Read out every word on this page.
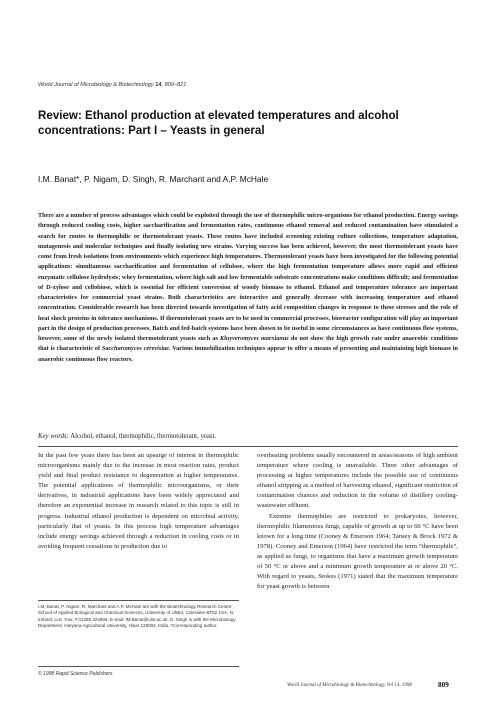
World Journal of Microbiology & Biotechnology 14, 809–821
Review: Ethanol production at elevated temperatures and alcohol concentrations: Part I – Yeasts in general
I.M. Banat*, P. Nigam, D. Singh, R. Marchant and A.P. McHale

There are a number of process advantages which could be exploited through the use of thermophilic micro-organisms for ethanol production. Energy savings through reduced cooling costs, higher saccharification and fermentation rates, continuous ethanol removal and reduced contamination have stimulated a search for routes to thermophilic or thermotolerant yeasts. These routes have included screening existing culture collections, temperature adaptation, mutagenesis and molecular techniques and finally isolating new strains. Varying success has been achieved, however, the most thermotolerant yeasts have come from fresh isolations from environments which experience high temperatures. Thermotolerant yeasts have been investigated for the following potential applications: simultaneous saccharification and fermentation of cellulose, where the high fermentation temperature allows more rapid and efficient enzymatic cellulose hydrolysis; whey fermentation, where high salt and low fermentable substrate concentrations make conditions difficult; and fermentation of D-xylose and cellobiose, which is essential for efficient conversion of woody biomass to ethanol. Ethanol and temperature tolerance are important characteristics for commercial yeast strains. Both characteristics are interactive and generally decrease with increasing temperature and ethanol concentration. Considerable research has been directed towards investigation of fatty acid composition changes in response to these stresses and the role of heat shock proteins in tolerance mechanisms. If thermotolerant yeasts are to be used in commercial processes, bioreactor configuration will play an important part in the design of production processes. Batch and fed-batch systems have been shown to be useful in some circumstances as have continuous flow systems, however, some of the newly isolated thermotolerant yeasts such as Kluyveromyces marxianus do not show the high growth rate under anaerobic conditions that is characteristic of Saccharomyces cerevisiae. Various immobilization techniques appear to offer a means of presenting and maintaining high biomass in anaerobic continuous flow reactors.

Key words: Alcohol, ethanol, thermophilic, thermotolerant, yeast.

In the past few years there has been an upsurge of interest in thermophilic microorganisms mainly due to the increase in most reaction rates, product yield and final product resistance to degeneration at higher temperatures. The potential applications of thermophilic microorganisms, or their derivatives, in industrial applications have been widely appreciated and therefore an exponential increase in research related to this topic is still in progress. Industrial ethanol production is dependent on microbial activity, particularly that of yeasts. In this process high temperature advantages include energy savings achieved through a reduction in cooling costs or in avoiding frequent cessations in production due to

overheating problems usually encountered in areas/seasons of high ambient temperature where cooling is unavailable. Three other advantages of processing at higher temperatures include the possible use of continuous ethanol stripping as a method of harvesting ethanol, significant restriction of contamination chances and reduction in the volume of distillery cooling-wastewater effluent.

Extreme thermophiles are restricted to prokaryotes, however, thermophilic filamentous fungi, capable of growth at up to 60 °C have been known for a long time (Cooney & Emerson 1964; Tansey & Brock 1972 & 1978). Cooney and Emerson (1964) have restricted the term “thermophile”, as applied as fungi, to organisms that have a maximum growth temperature of 50 °C or above and a minimum growth temperature at or above 20 °C. With regard to yeasts, Stokes (1971) stated that the maximum temperature for yeast growth is between

I.M. Banat, P. Nigam, R. Marchant and A.P. McHale are with the Biotechnology Research Centre, School of Applied Biological and Chemical Sciences, University of Ulster, Coleraine BT52 1SA, N. Ireland, U.K. Fax: # 01265 324906; E-mail: IM.Banat@ulst.ac.uk. D. Singh is with the Microbiology Department, Haryana Agricultural University, Hisar 125004, India. *Corresponding author.
© 1998 Rapid Science Publishers
World Journal of Microbiology & Biotechnology, Vol 14, 1998	809
